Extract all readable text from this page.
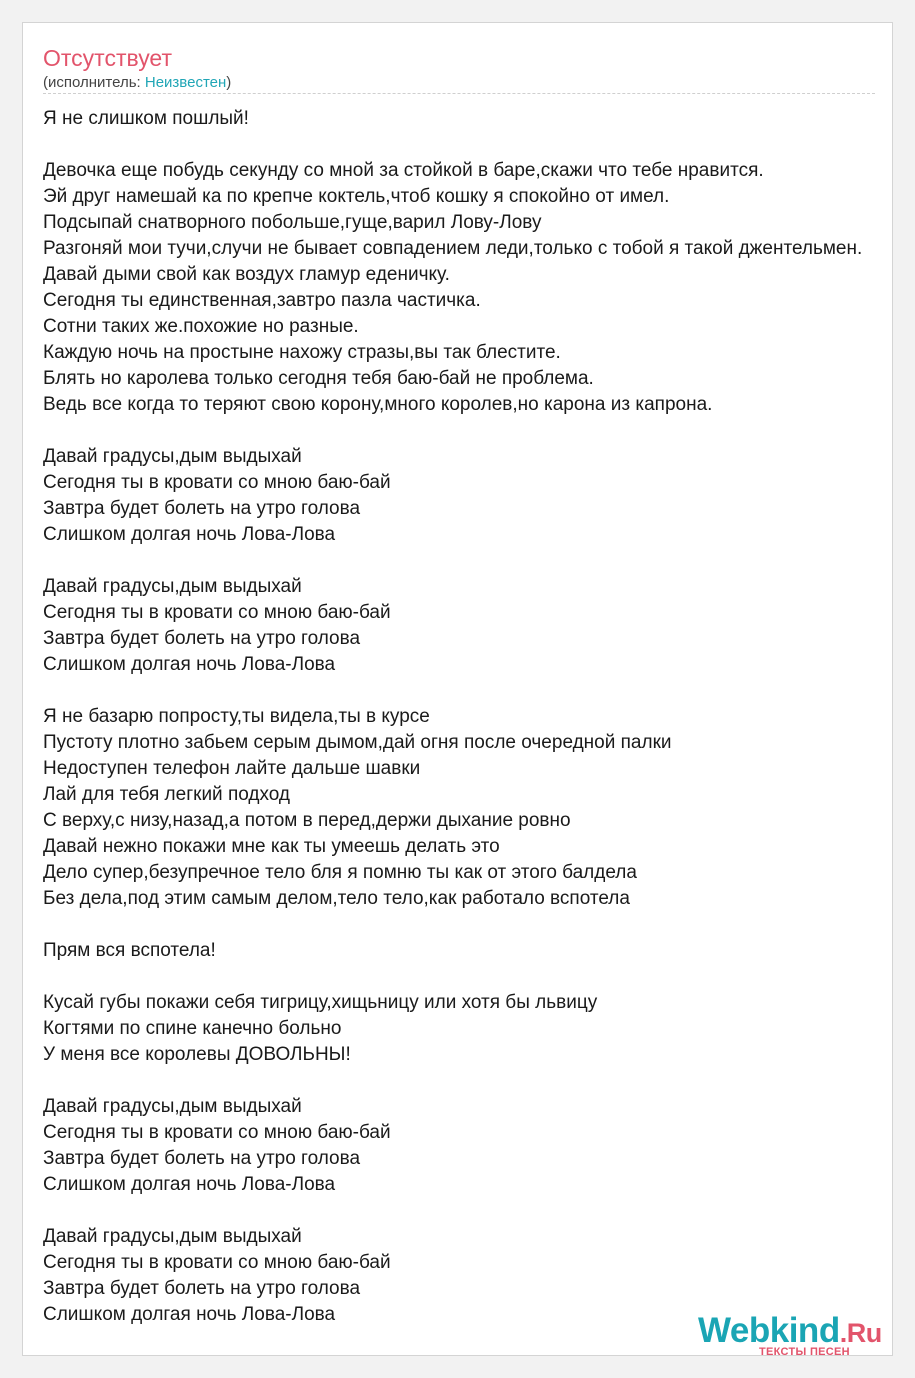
Отсутствует
(исполнитель: Неизвестен)
Я не слишком пошлый!
Девочка еще побудь секунду со мной за стойкой в баре,скажи что тебе нравится.
Эй друг намешай ка по крепче коктель,чтоб кошку я спокойно от имел.
Подсыпай снатворного побольше,гуще,варил Лову-Лову
Разгоняй мои тучи,случи не бывает совпадением леди,только с тобой я такой джентельмен.
Давай дыми свой как воздух гламур еденичку.
Сегодня ты единственная,завтро пазла частичка.
Сотни таких же.похожие но разные.
Каждую ночь на простыне нахожу стразы,вы так блестите.
Блять но каролева только сегодня тебя баю-бай не проблема.
Ведь все когда то теряют свою корону,много королев,но карона из капрона.
Давай градусы,дым выдыхай
Сегодня ты в кровати со мною баю-бай
Завтра будет болеть на утро голова
Слишком долгая ночь Лова-Лова
Давай градусы,дым выдыхай
Сегодня ты в кровати со мною баю-бай
Завтра будет болеть на утро голова
Слишком долгая ночь Лова-Лова
Я не базарю попросту,ты видела,ты в курсе
Пустоту плотно забьем серым дымом,дай огня после очередной палки
Недоступен телефон лайте дальше шавки
Лай для тебя легкий подход
С верху,с низу,назад,а потом в перед,держи дыхание ровно
Давай нежно покажи мне как ты умеешь делать это
Дело супер,безупречное тело бля я помню ты как от этого балдела
Без дела,под этим самым делом,тело тело,как работало вспотела
Прям вся вспотела!
Кусай губы покажи себя тигрицу,хищьницу или хотя бы львицу
Когтями по спине канечно больно
У меня все королевы ДОВОЛЬНЫ!
Давай градусы,дым выдыхай
Сегодня ты в кровати со мною баю-бай
Завтра будет болеть на утро голова
Слишком долгая ночь Лова-Лова
Давай градусы,дым выдыхай
Сегодня ты в кровати со мною баю-бай
Завтра будет болеть на утро голова
Слишком долгая ночь Лова-Лова	Webkind.Ru
ТЕКСТЫ ПЕСЕН
